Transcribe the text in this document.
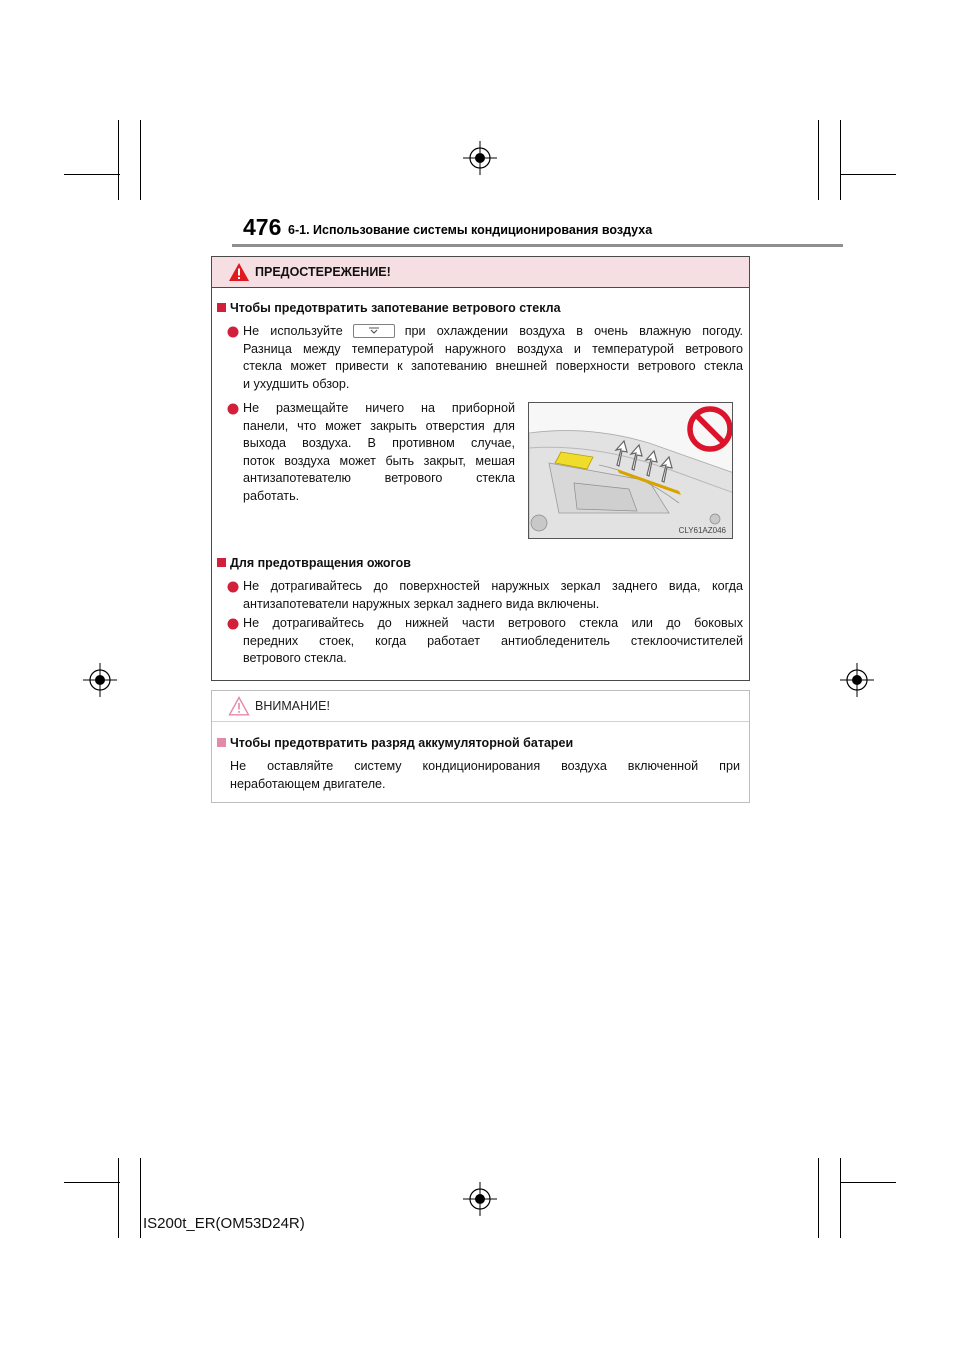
476 6-1. Использование системы кондиционирования воздуха
ПРЕДОСТЕРЕЖЕНИЕ!
Чтобы предотвратить запотевание ветрового стекла
Не используйте	при охлаждении воздуха в очень влажную погоду.
Разница между температурой наружного воздуха и температурой ветрового
стекла может привести к запотеванию внешней поверхности ветрового стекла
и ухудшить обзор.
Не размещайте ничего на приборной
панели, что может закрыть отверстия для
выхода воздуха. В противном случае,
поток воздуха может быть закрыт, мешая
антизапотевателю ветрового стекла
работать.
CLY61AZ046
Для предотвращения ожогов
Не дотрагивайтесь до поверхностей наружных зеркал заднего вида, когда
антизапотеватели наружных зеркал заднего вида включены.
Не дотрагивайтесь до нижней части ветрового стекла или до боковых
передних стоек, когда работает антиобледенитель стеклоочистителей
ветрового стекла.
ВНИМАНИЕ!
Чтобы предотвратить разряд аккумуляторной батареи
Не оставляйте систему кондиционирования воздуха включенной при
неработающем двигателе.
IS200t_ER(OM53D24R)
